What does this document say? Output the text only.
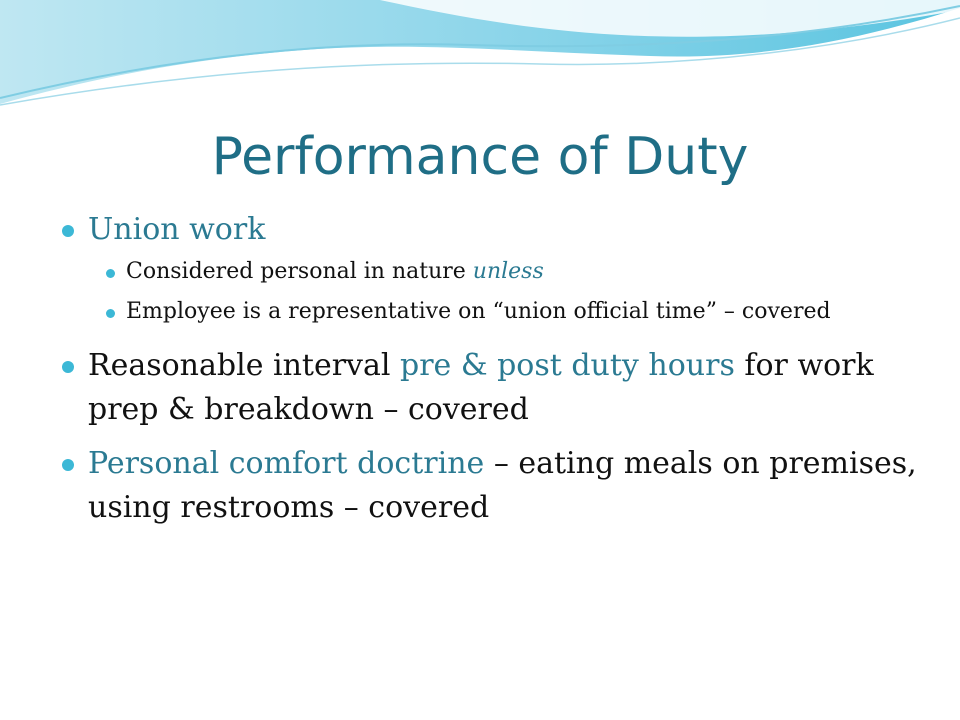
Performance of Duty
Union work
Considered personal in nature unless
Employee is a representative on “union official time” – covered
Reasonable interval pre & post duty hours for work prep & breakdown – covered
Personal comfort doctrine – eating meals on premises, using restrooms – covered
